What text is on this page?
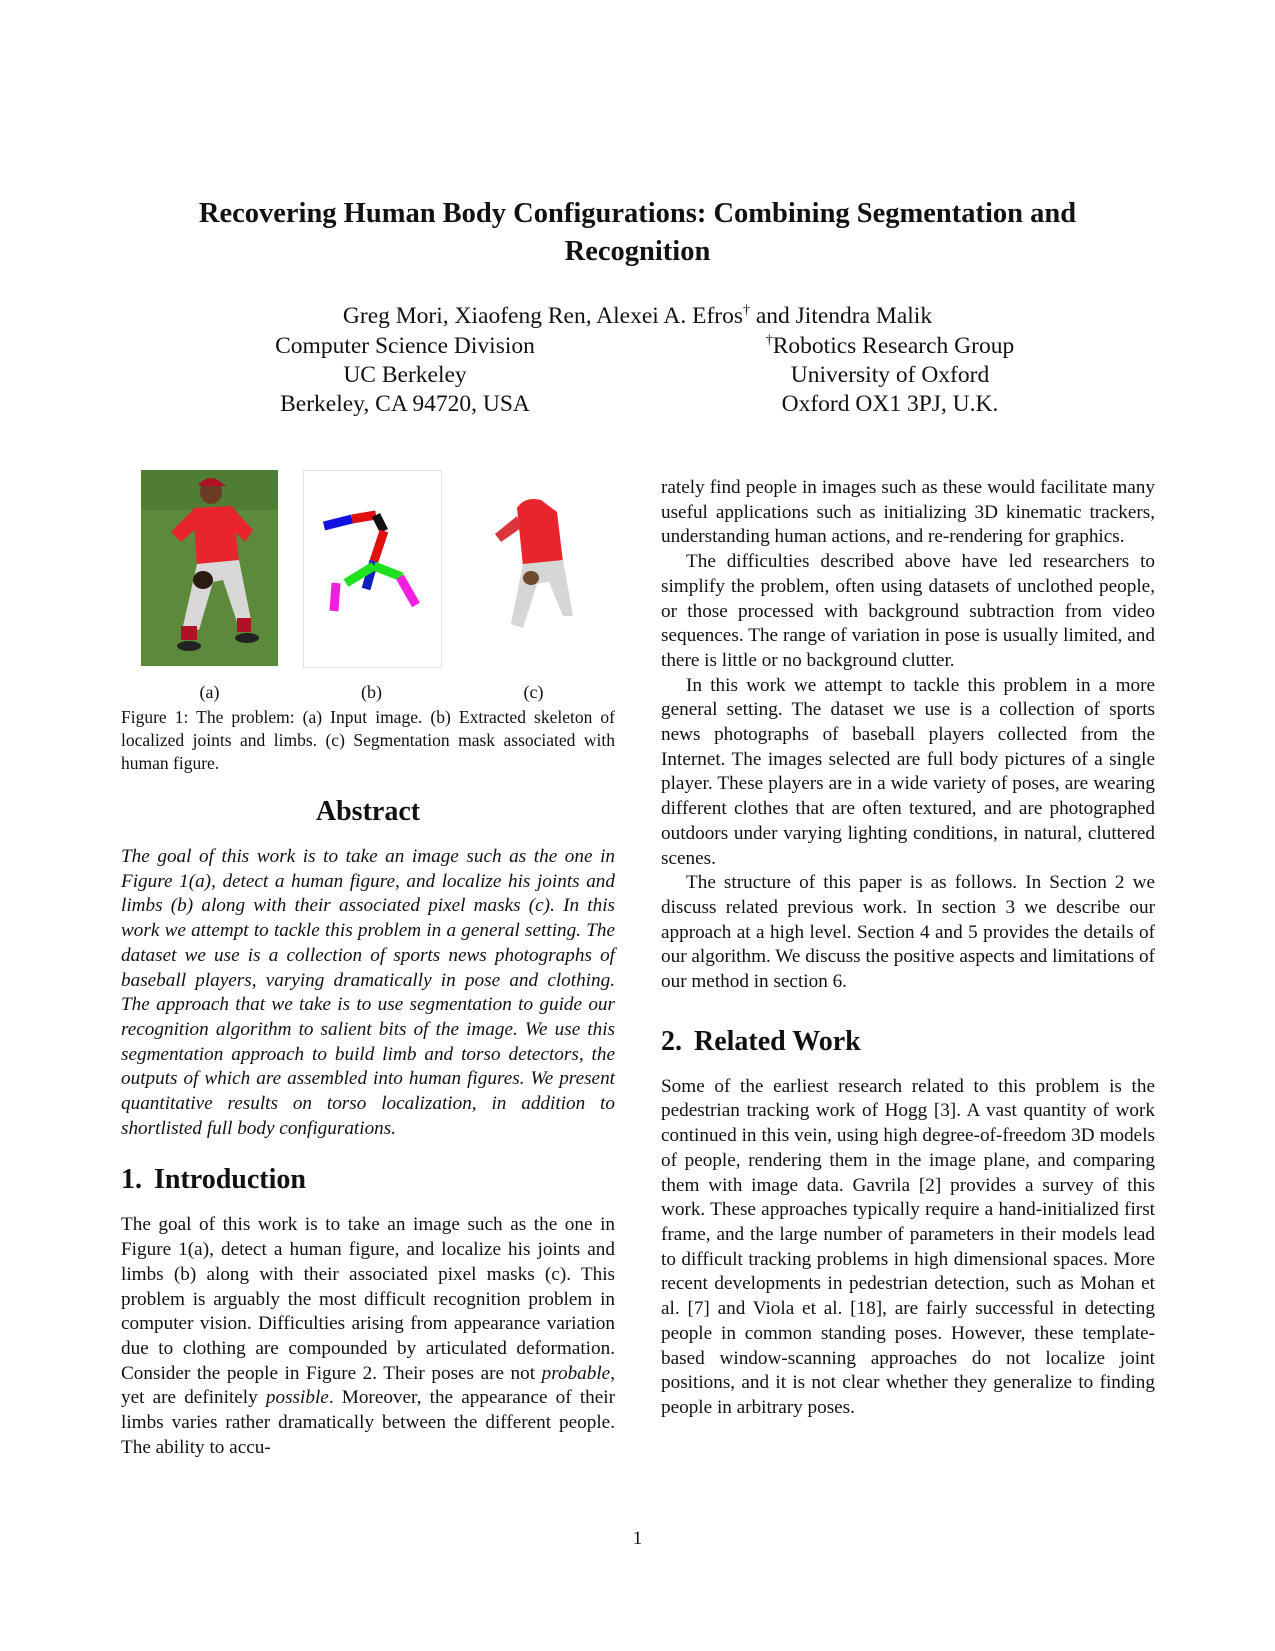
Recovering Human Body Configurations: Combining Segmentation and Recognition
Greg Mori, Xiaofeng Ren, Alexei A. Efros† and Jitendra Malik
Computer Science Division
UC Berkeley
Berkeley, CA 94720, USA
†Robotics Research Group
University of Oxford
Oxford OX1 3PJ, U.K.
(a)	(b)	(c)

Figure 1: The problem: (a) Input image. (b) Extracted skeleton of localized joints and limbs. (c) Segmentation mask associated with human figure.

Abstract

The goal of this work is to take an image such as the one in Figure 1(a), detect a human figure, and localize his joints and limbs (b) along with their associated pixel masks (c). In this work we attempt to tackle this problem in a general setting. The dataset we use is a collection of sports news photographs of baseball players, varying dramatically in pose and clothing. The approach that we take is to use segmentation to guide our recognition algorithm to salient bits of the image. We use this segmentation approach to build limb and torso detectors, the outputs of which are assembled into human figures. We present quantitative results on torso localization, in addition to shortlisted full body configurations.

1. Introduction

The goal of this work is to take an image such as the one in Figure 1(a), detect a human figure, and localize his joints and limbs (b) along with their associated pixel masks (c). This problem is arguably the most difficult recognition problem in computer vision. Difficulties arising from appearance variation due to clothing are compounded by articulated deformation. Consider the people in Figure 2. Their poses are not probable, yet are definitely possible. Moreover, the appearance of their limbs varies rather dramatically between the different people. The ability to accu-

rately find people in images such as these would facilitate many useful applications such as initializing 3D kinematic trackers, understanding human actions, and re-rendering for graphics.

The difficulties described above have led researchers to simplify the problem, often using datasets of unclothed people, or those processed with background subtraction from video sequences. The range of variation in pose is usually limited, and there is little or no background clutter.

In this work we attempt to tackle this problem in a more general setting. The dataset we use is a collection of sports news photographs of baseball players collected from the Internet. The images selected are full body pictures of a single player. These players are in a wide variety of poses, are wearing different clothes that are often textured, and are photographed outdoors under varying lighting conditions, in natural, cluttered scenes.

The structure of this paper is as follows. In Section 2 we discuss related previous work. In section 3 we describe our approach at a high level. Section 4 and 5 provides the details of our algorithm. We discuss the positive aspects and limitations of our method in section 6.

2. Related Work

Some of the earliest research related to this problem is the pedestrian tracking work of Hogg [3]. A vast quantity of work continued in this vein, using high degree-of-freedom 3D models of people, rendering them in the image plane, and comparing them with image data. Gavrila [2] provides a survey of this work. These approaches typically require a hand-initialized first frame, and the large number of parameters in their models lead to difficult tracking problems in high dimensional spaces. More recent developments in pedestrian detection, such as Mohan et al. [7] and Viola et al. [18], are fairly successful in detecting people in common standing poses. However, these template-based window-scanning approaches do not localize joint positions, and it is not clear whether they generalize to finding people in arbitrary poses.

1
